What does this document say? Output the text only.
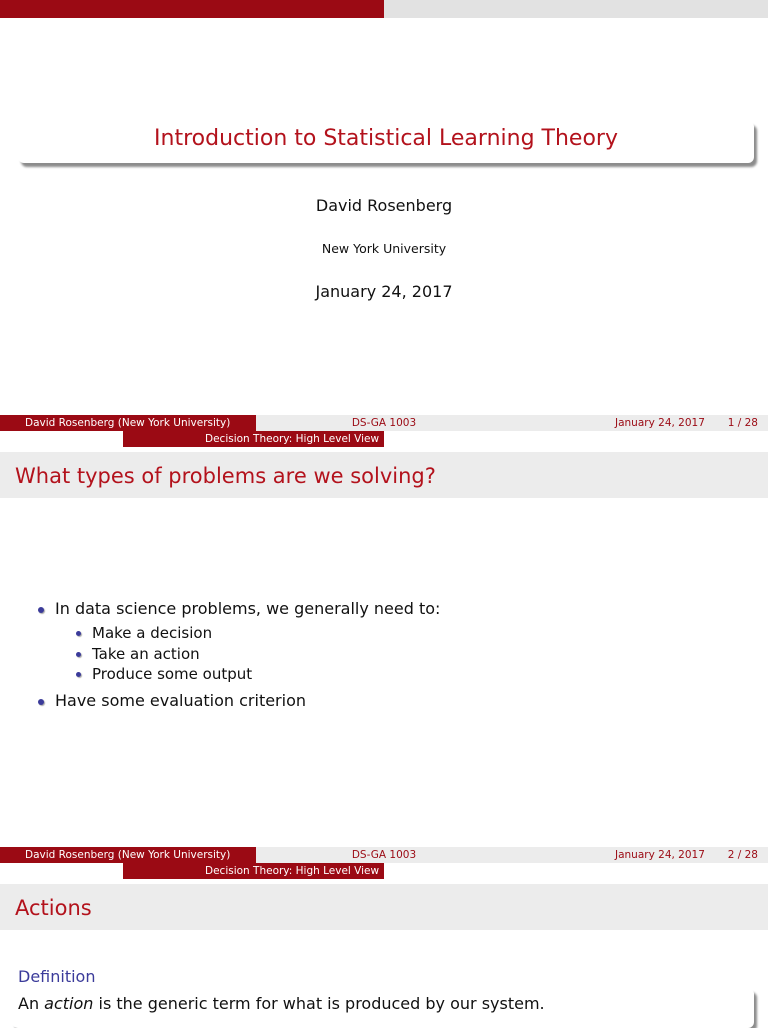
Introduction to Statistical Learning Theory
David Rosenberg
New York University
January 24, 2017
David Rosenberg (New York University)	DS-GA 1003	January 24, 2017 1 / 28
Decision Theory: High Level View
What types of problems are we solving?
In data science problems, we generally need to:
Make a decision
Take an action
Produce some output
Have some evaluation criterion
David Rosenberg (New York University)	DS-GA 1003	January 24, 2017 2 / 28
Decision Theory: High Level View
Actions
Definition
An action is the generic term for what is produced by our system.
